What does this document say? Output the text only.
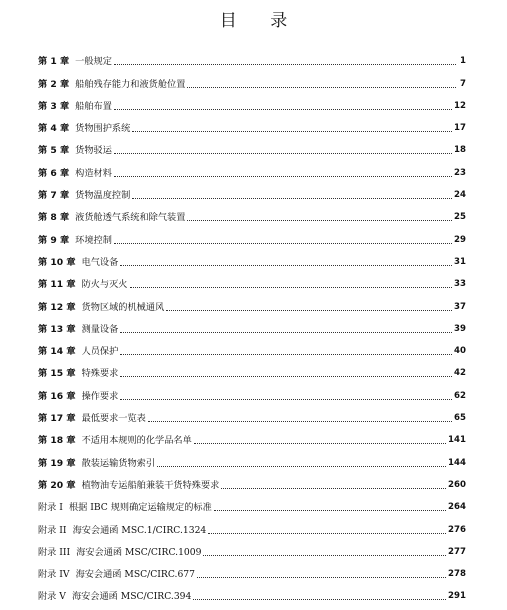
目 录
第 1 章 一般规定	1
第 2 章 船舶残存能力和液货舱位置	7
第 3 章 船舶布置	12
第 4 章 货物围护系统	17
第 5 章 货物驳运	18
第 6 章 构造材料	23
第 7 章 货物温度控制	24
第 8 章 液货舱透气系统和除气装置	25
第 9 章 环境控制	29
第 10 章 电气设备	31
第 11 章 防火与灭火	33
第 12 章 货物区域的机械通风	37
第 13 章 测量设备	39
第 14 章 人员保护	40
第 15 章 特殊要求	42
第 16 章 操作要求	62
第 17 章 最低要求一览表	65
第 18 章 不适用本规则的化学品名单	141
第 19 章 散装运输货物索引	144
第 20 章 植物油专运船舶兼装干货特殊要求	260
附录 I 根据 IBC 规则确定运输规定的标准	264
附录 II 海安会通函 MSC.1/CIRC.1324	276
附录 III 海安会通函 MSC/CIRC.1009	277
附录 IV 海安会通函 MSC/CIRC.677	278
附录 V 海安会通函 MSC/CIRC.394	291
